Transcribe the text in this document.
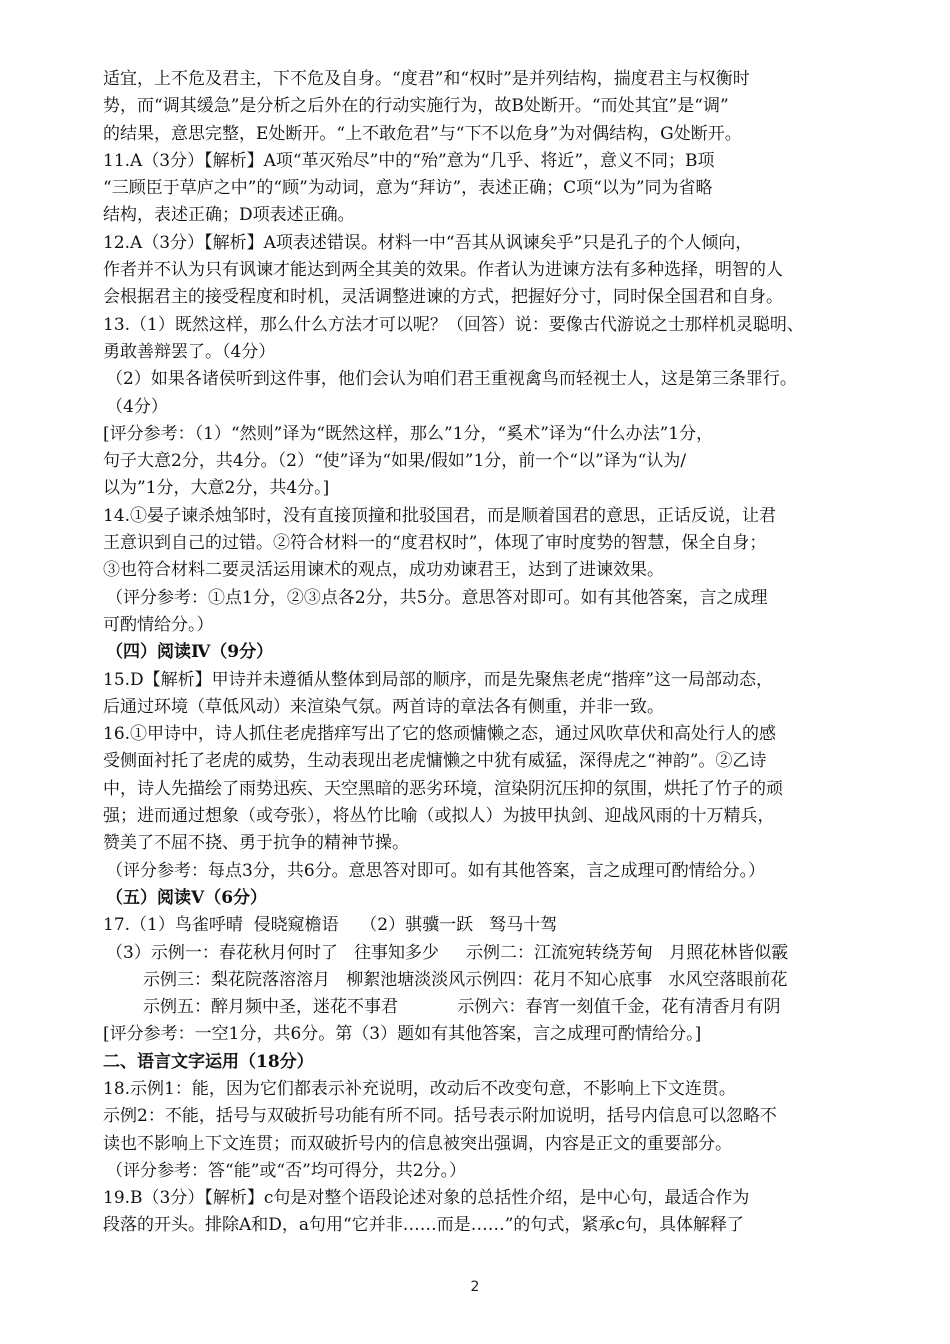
适宜，上不危及君主，下不危及自身。“度君”和“权时”是并列结构，揣度君主与权衡时
势，而“调其缓急”是分析之后外在的行动实施行为，故B处断开。“而处其宜”是“调”
的结果，意思完整，E处断开。“上不敢危君”与“下不以危身”为对偶结构，G处断开。
11.A（3分）【解析】A项“革灭殆尽”中的“殆”意为“几乎、将近”，意义不同；B项
“三顾臣于草庐之中”的“顾”为动词，意为“拜访”，表述正确；C项“以为”同为省略
结构，表述正确；D项表述正确。
12.A（3分）【解析】A项表述错误。材料一中“吾其从讽谏矣乎”只是孔子的个人倾向，
作者并不认为只有讽谏才能达到两全其美的效果。作者认为进谏方法有多种选择，明智的人
会根据君主的接受程度和时机，灵活调整进谏的方式，把握好分寸，同时保全国君和自身。
13.（1）既然这样，那么什么方法才可以呢？（回答）说：要像古代游说之士那样机灵聪明、
勇敢善辩罢了。（4分）
（2）如果各诸侯听到这件事，他们会认为咱们君王重视禽鸟而轻视士人，这是第三条罪行。
（4分）
[评分参考：（1）“然则”译为“既然这样，那么”1分，“奚术”译为“什么办法”1分，
句子大意2分，共4分。（2）“使”译为“如果/假如”1分，前一个“以”译为“认为/
以为”1分，大意2分，共4分。]
14.①晏子谏杀烛邹时，没有直接顶撞和批驳国君，而是顺着国君的意思，正话反说，让君
王意识到自己的过错。②符合材料一的“度君权时”，体现了审时度势的智慧，保全自身；
③也符合材料二要灵活运用谏术的观点，成功劝谏君王，达到了进谏效果。
（评分参考：①点1分，②③点各2分，共5分。意思答对即可。如有其他答案，言之成理
可酌情给分。）
（四）阅读Ⅳ（9分）
15.D【解析】甲诗并未遵循从整体到局部的顺序，而是先聚焦老虎“揩痒”这一局部动态，
后通过环境（草低风动）来渲染气氛。两首诗的章法各有侧重，并非一致。
16.①甲诗中，诗人抓住老虎揩痒写出了它的悠顽慵懒之态，通过风吹草伏和高处行人的感
受侧面衬托了老虎的威势，生动表现出老虎慵懒之中犹有威猛，深得虎之“神韵”。②乙诗
中，诗人先描绘了雨势迅疾、天空黑暗的恶劣环境，渲染阴沉压抑的氛围，烘托了竹子的顽
强；进而通过想象（或夸张），将丛竹比喻（或拟人）为披甲执剑、迎战风雨的十万精兵，
赞美了不屈不挠、勇于抗争的精神节操。
（评分参考：每点3分，共6分。意思答对即可。如有其他答案，言之成理可酌情给分。）
（五）阅读Ⅴ（6分）
17.（1）鸟雀呼晴  侵晓窥檐语    （2）骐骥一跃   驽马十驾
（3）示例一：春花秋月何时了   往事知多少     示例二：江流宛转绕芳甸   月照花林皆似霰
示例三：梨花院落溶溶月   柳絮池塘淡淡风示例四：花月不知心底事   水风空落眼前花
示例五：醉月频中圣，迷花不事君           示例六：春宵一刻值千金，花有清香月有阴
[评分参考：一空1分，共6分。第（3）题如有其他答案，言之成理可酌情给分。]
二、语言文字运用（18分）
18.示例1：能，因为它们都表示补充说明，改动后不改变句意，不影响上下文连贯。
示例2：不能，括号与双破折号功能有所不同。括号表示附加说明，括号内信息可以忽略不
读也不影响上下文连贯；而双破折号内的信息被突出强调，内容是正文的重要部分。
（评分参考：答“能”或“否”均可得分，共2分。）
19.B（3分）【解析】c句是对整个语段论述对象的总括性介绍，是中心句，最适合作为
段落的开头。排除A和D，a句用“它并非……而是……”的句式，紧承c句，具体解释了
2
